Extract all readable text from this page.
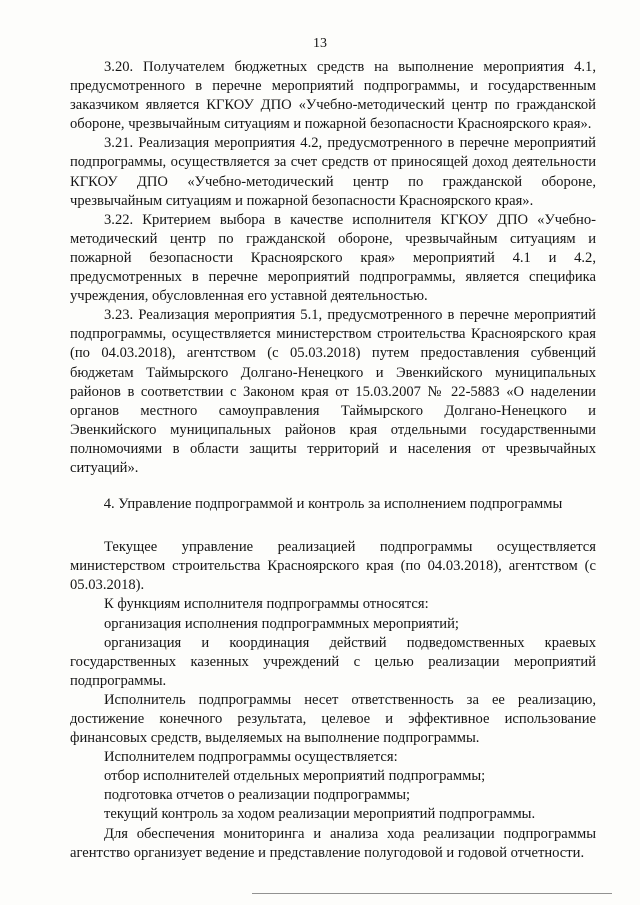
13

3.20. Получателем бюджетных средств на выполнение мероприятия 4.1, предусмотренного в перечне мероприятий подпрограммы, и государственным заказчиком является КГКОУ ДПО «Учебно-методический центр по гражданской обороне, чрезвычайным ситуациям и пожарной безопасности Красноярского края».

3.21. Реализация мероприятия 4.2, предусмотренного в перечне мероприятий подпрограммы, осуществляется за счет средств от приносящей доход деятельности КГКОУ ДПО «Учебно-методический центр по гражданской обороне, чрезвычайным ситуациям и пожарной безопасности Красноярского края».

3.22. Критерием выбора в качестве исполнителя КГКОУ ДПО «Учебно-методический центр по гражданской обороне, чрезвычайным ситуациям и пожарной безопасности Красноярского края» мероприятий 4.1 и 4.2, предусмотренных в перечне мероприятий подпрограммы, является специфика учреждения, обусловленная его уставной деятельностью.

3.23. Реализация мероприятия 5.1, предусмотренного в перечне мероприятий подпрограммы, осуществляется министерством строительства Красноярского края (по 04.03.2018), агентством (с 05.03.2018) путем предоставления субвенций бюджетам Таймырского Долгано-Ненецкого и Эвенкийского муниципальных районов в соответствии с Законом края от 15.03.2007 № 22-5883 «О наделении органов местного самоуправления Таймырского Долгано-Ненецкого и Эвенкийского муниципальных районов края отдельными государственными полномочиями в области защиты территорий и населения от чрезвычайных ситуаций».

4. Управление подпрограммой и контроль за исполнением подпрограммы

Текущее управление реализацией подпрограммы осуществляется министерством строительства Красноярского края (по 04.03.2018), агентством (с 05.03.2018).

К функциям исполнителя подпрограммы относятся:

организация исполнения подпрограммных мероприятий;

организация и координация действий подведомственных краевых государственных казенных учреждений с целью реализации мероприятий подпрограммы.

Исполнитель подпрограммы несет ответственность за ее реализацию, достижение конечного результата, целевое и эффективное использование финансовых средств, выделяемых на выполнение подпрограммы.

Исполнителем подпрограммы осуществляется:

отбор исполнителей отдельных мероприятий подпрограммы;

подготовка отчетов о реализации подпрограммы;

текущий контроль за ходом реализации мероприятий подпрограммы.

Для обеспечения мониторинга и анализа хода реализации подпрограммы агентство организует ведение и представление полугодовой и годовой отчетности.
